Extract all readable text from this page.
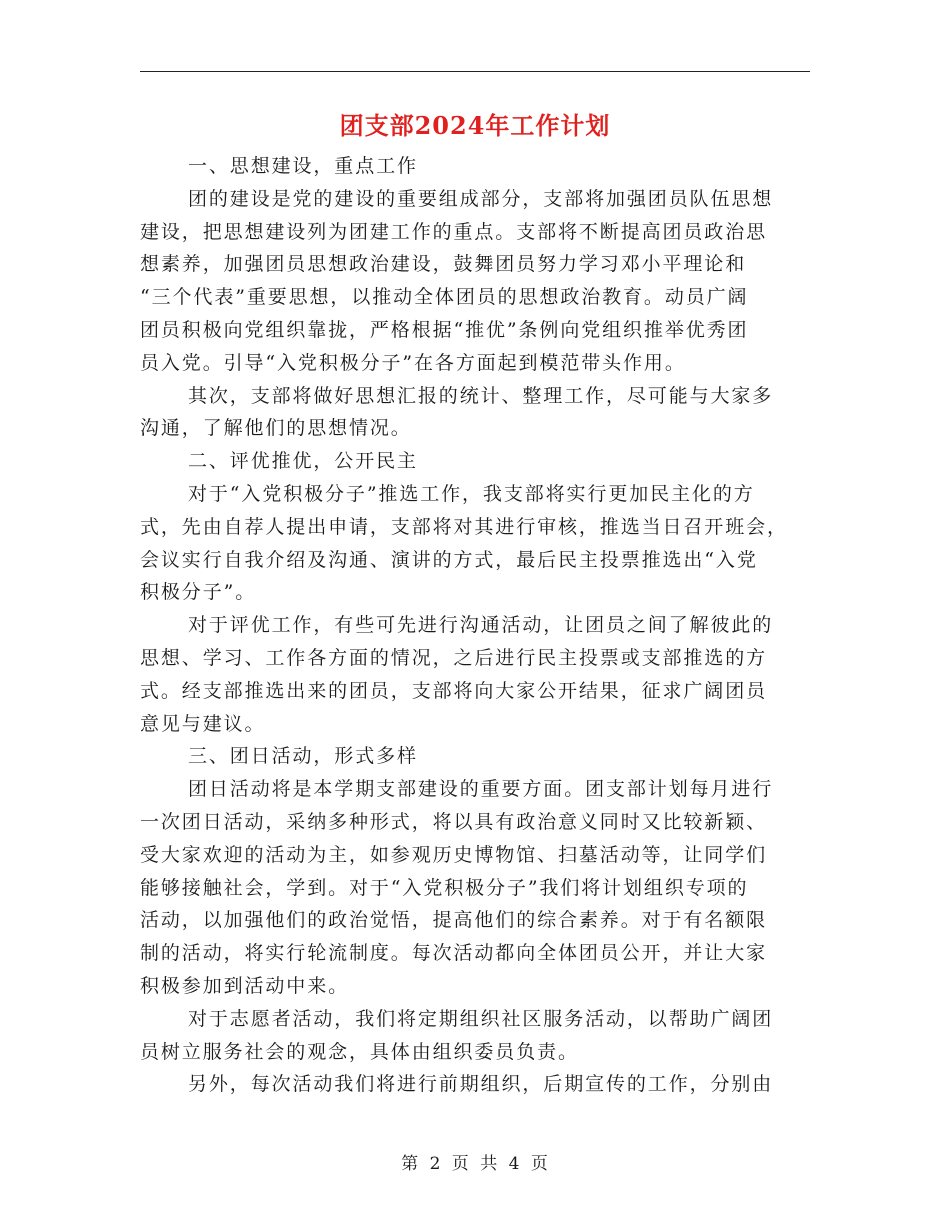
团支部2024年工作计划
一、思想建设，重点工作
团的建设是党的建设的重要组成部分，支部将加强团员队伍思想
建设，把思想建设列为团建工作的重点。支部将不断提高团员政治思
想素养，加强团员思想政治建设，鼓舞团员努力学习邓小平理论和
“三个代表”重要思想，以推动全体团员的思想政治教育。动员广阔
团员积极向党组织靠拢，严格根据“推优”条例向党组织推举优秀团
员入党。引导“入党积极分子”在各方面起到模范带头作用。
其次，支部将做好思想汇报的统计、整理工作，尽可能与大家多
沟通，了解他们的思想情况。
二、评优推优，公开民主
对于“入党积极分子”推选工作，我支部将实行更加民主化的方
式，先由自荐人提出申请，支部将对其进行审核，推选当日召开班会，
会议实行自我介绍及沟通、演讲的方式，最后民主投票推选出“入党
积极分子”。
对于评优工作，有些可先进行沟通活动，让团员之间了解彼此的
思想、学习、工作各方面的情况，之后进行民主投票或支部推选的方
式。经支部推选出来的团员，支部将向大家公开结果，征求广阔团员
意见与建议。
三、团日活动，形式多样
团日活动将是本学期支部建设的重要方面。团支部计划每月进行
一次团日活动，采纳多种形式，将以具有政治意义同时又比较新颖、
受大家欢迎的活动为主，如参观历史博物馆、扫墓活动等，让同学们
能够接触社会，学到。对于“入党积极分子”我们将计划组织专项的
活动，以加强他们的政治觉悟，提高他们的综合素养。对于有名额限
制的活动，将实行轮流制度。每次活动都向全体团员公开，并让大家
积极参加到活动中来。
对于志愿者活动，我们将定期组织社区服务活动，以帮助广阔团
员树立服务社会的观念，具体由组织委员负责。
另外，每次活动我们将进行前期组织，后期宣传的工作，分别由
第 2 页 共 4 页
